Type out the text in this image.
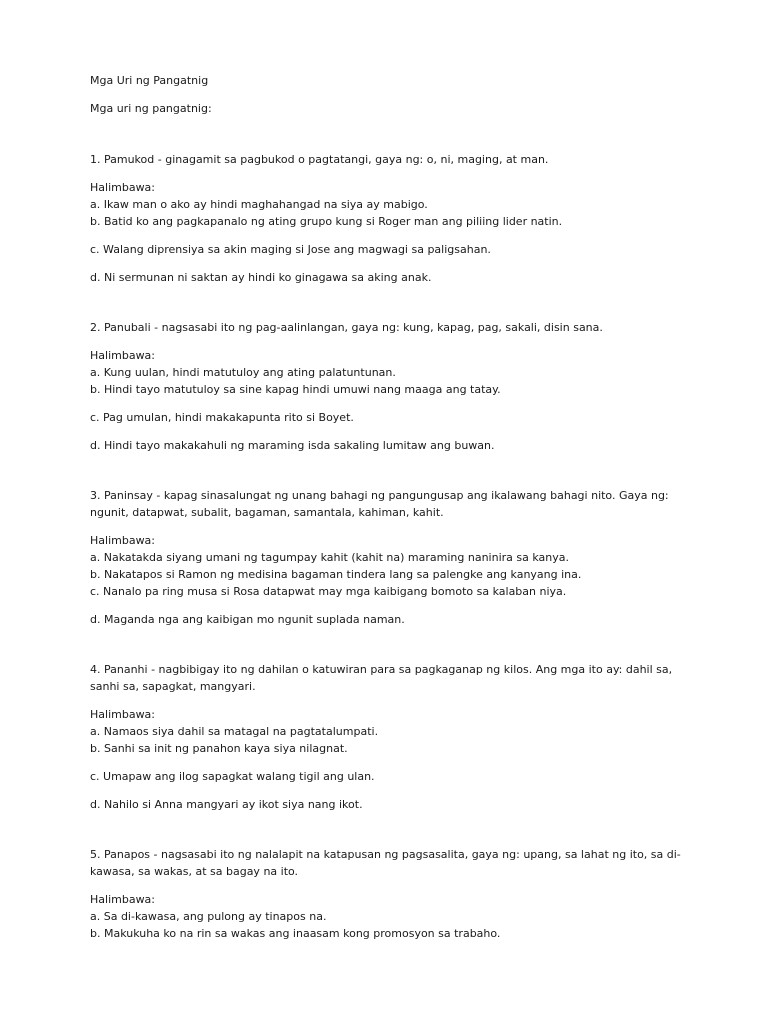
Mga Uri ng Pangatnig

Mga uri ng pangatnig:

1. Pamukod - ginagamit sa pagbukod o pagtatangi, gaya ng: o, ni, maging, at man.

Halimbawa:

a. Ikaw man o ako ay hindi maghahangad na siya ay mabigo.

b. Batid ko ang pagkapanalo ng ating grupo kung si Roger man ang piliing lider natin.

c. Walang diprensiya sa akin maging si Jose ang magwagi sa paligsahan.

d. Ni sermunan ni saktan ay hindi ko ginagawa sa aking anak.

2. Panubali - nagsasabi ito ng pag-aalinlangan, gaya ng: kung, kapag, pag, sakali, disin sana.

Halimbawa:

a. Kung uulan, hindi matutuloy ang ating palatuntunan.

b. Hindi tayo matutuloy sa sine kapag hindi umuwi nang maaga ang tatay.

c. Pag umulan, hindi makakapunta rito si Boyet.

d. Hindi tayo makakahuli ng maraming isda sakaling lumitaw ang buwan.

3. Paninsay - kapag sinasalungat ng unang bahagi ng pangungusap ang ikalawang bahagi nito. Gaya ng: ngunit, datapwat, subalit, bagaman, samantala, kahiman, kahit.

Halimbawa:

a. Nakatakda siyang umani ng tagumpay kahit (kahit na) maraming naninira sa kanya.

b. Nakatapos si Ramon ng medisina bagaman tindera lang sa palengke ang kanyang ina.

c. Nanalo pa ring musa si Rosa datapwat may mga kaibigang bomoto sa kalaban niya.

d. Maganda nga ang kaibigan mo ngunit suplada naman.

4. Pananhi - nagbibigay ito ng dahilan o katuwiran para sa pagkaganap ng kilos. Ang mga ito ay: dahil sa, sanhi sa, sapagkat, mangyari.

Halimbawa:

a. Namaos siya dahil sa matagal na pagtatalumpati.

b. Sanhi sa init ng panahon kaya siya nilagnat.

c. Umapaw ang ilog sapagkat walang tigil ang ulan.

d. Nahilo si Anna mangyari ay ikot siya nang ikot.

5. Panapos - nagsasabi ito ng nalalapit na katapusan ng pagsasalita, gaya ng: upang, sa lahat ng ito, sa di-kawasa, sa wakas, at sa bagay na ito.

Halimbawa:

a. Sa di-kawasa, ang pulong ay tinapos na.

b. Makukuha ko na rin sa wakas ang inaasam kong promosyon sa trabaho.
